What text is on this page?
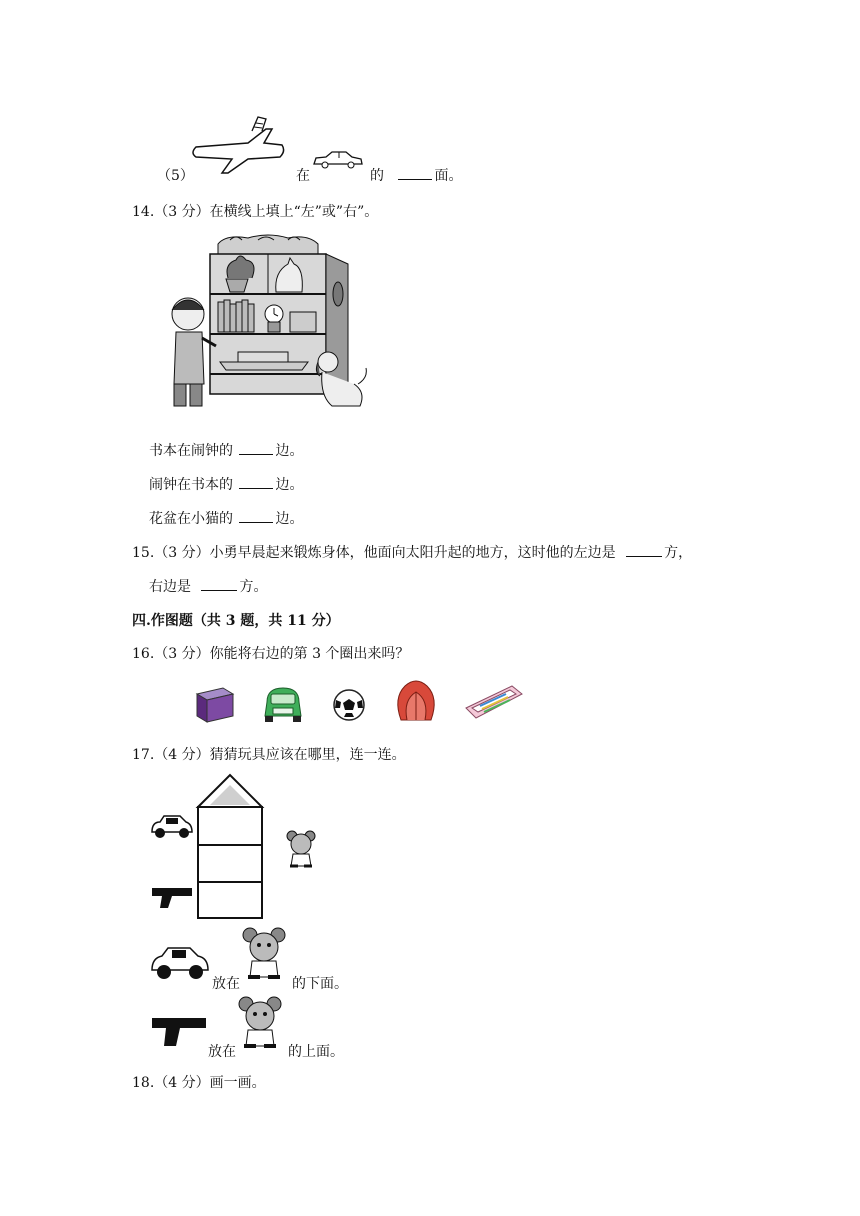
（5）	在	的	面。
14.（3 分）在横线上填上“左”或”右”。
书本在闹钟的	边。
闹钟在书本的	边。
花盆在小猫的	边。
15.（3 分）小勇早晨起来锻炼身体，他面向太阳升起的地方，这时他的左边是	方，
右边是	方。
四.作图题（共 3 题，共 11 分）
16.（3 分）你能将右边的第 3 个圈出来吗？
17.（4 分）猜猜玩具应该在哪里，连一连。
放在	的下面。
放在	的上面。
18.（4 分）画一画。
